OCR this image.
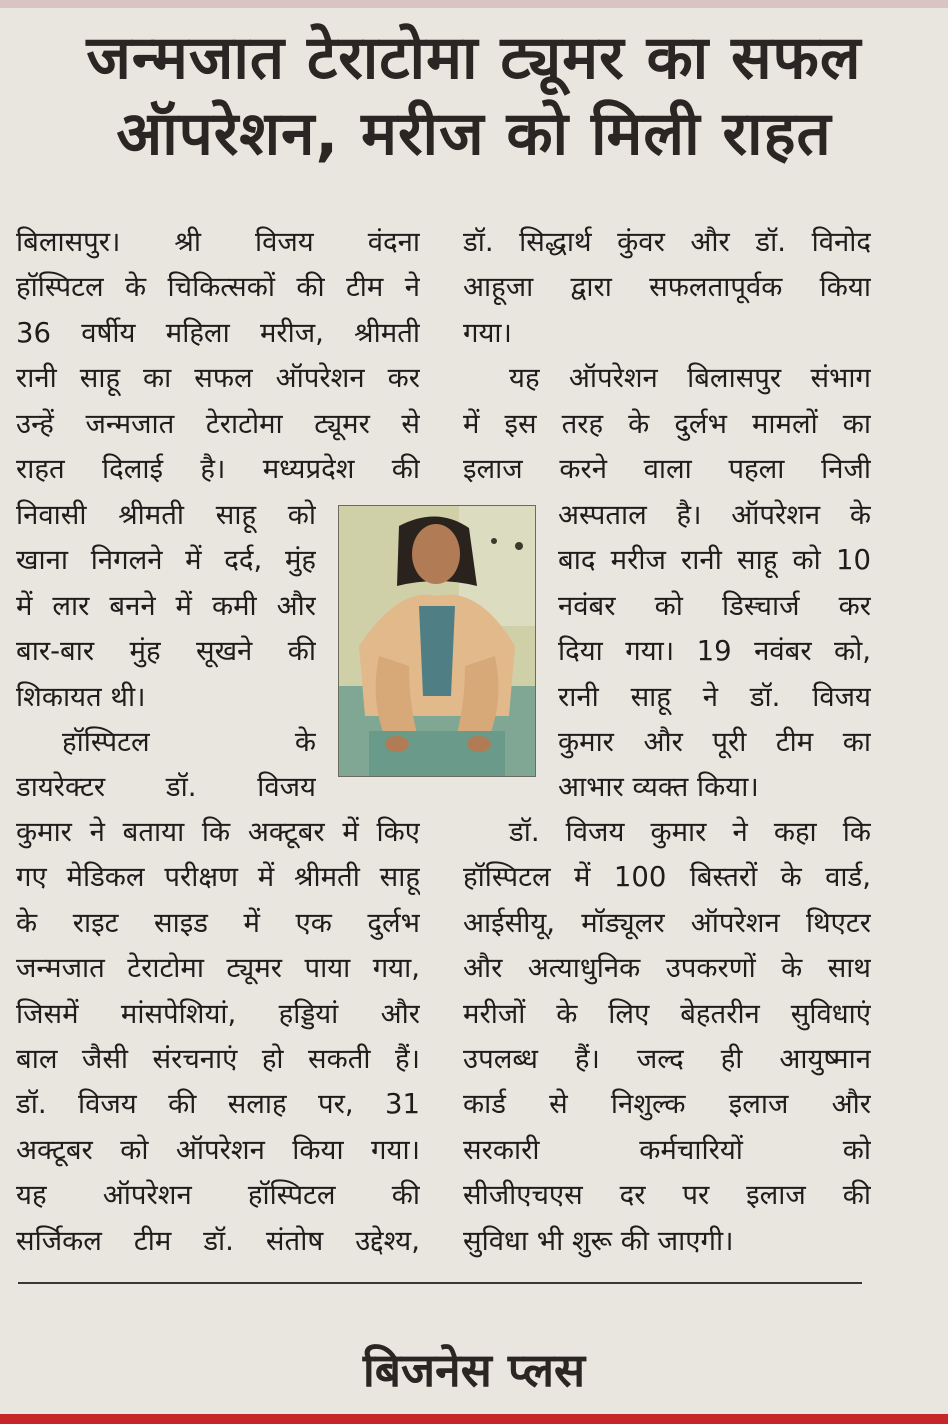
जन्मजात टेराटोमा ट्यूमर का सफल
ऑपरेशन, मरीज को मिली राहत
बिलासपुर। श्री विजय वंदना
हॉस्पिटल के चिकित्सकों की टीम ने
36 वर्षीय महिला मरीज, श्रीमती
रानी साहू का सफल ऑपरेशन कर
उन्हें जन्मजात टेराटोमा ट्यूमर से
राहत दिलाई है। मध्यप्रदेश की
निवासी श्रीमती साहू को
खाना निगलने में दर्द, मुंह
में लार बनने में कमी और
बार-बार मुंह सूखने की
शिकायत थी।
हॉस्पिटल के
डायरेक्टर डॉ. विजय
कुमार ने बताया कि अक्टूबर में किए
गए मेडिकल परीक्षण में श्रीमती साहू
के राइट साइड में एक दुर्लभ
जन्मजात टेराटोमा ट्यूमर पाया गया,
जिसमें मांसपेशियां, हड्डियां और
बाल जैसी संरचनाएं हो सकती हैं।
डॉ. विजय की सलाह पर, 31
अक्टूबर को ऑपरेशन किया गया।
यह ऑपरेशन हॉस्पिटल की
सर्जिकल टीम डॉ. संतोष उद्देश्य,
डॉ. सिद्धार्थ कुंवर और डॉ. विनोद
आहूजा द्वारा सफलतापूर्वक किया
गया।
यह ऑपरेशन बिलासपुर संभाग
में इस तरह के दुर्लभ मामलों का
इलाज करने वाला पहला निजी
अस्पताल है। ऑपरेशन के
बाद मरीज रानी साहू को 10
नवंबर को डिस्चार्ज कर
दिया गया। 19 नवंबर को,
रानी साहू ने डॉ. विजय
कुमार और पूरी टीम का
आभार व्यक्त किया।
डॉ. विजय कुमार ने कहा कि
हॉस्पिटल में 100 बिस्तरों के वार्ड,
आईसीयू, मॉड्यूलर ऑपरेशन थिएटर
और अत्याधुनिक उपकरणों के साथ
मरीजों के लिए बेहतरीन सुविधाएं
उपलब्ध हैं। जल्द ही आयुष्मान
कार्ड से निशुल्क इलाज और
सरकारी कर्मचारियों को
सीजीएचएस दर पर इलाज की
सुविधा भी शुरू की जाएगी।
बिजनेस प्लस
